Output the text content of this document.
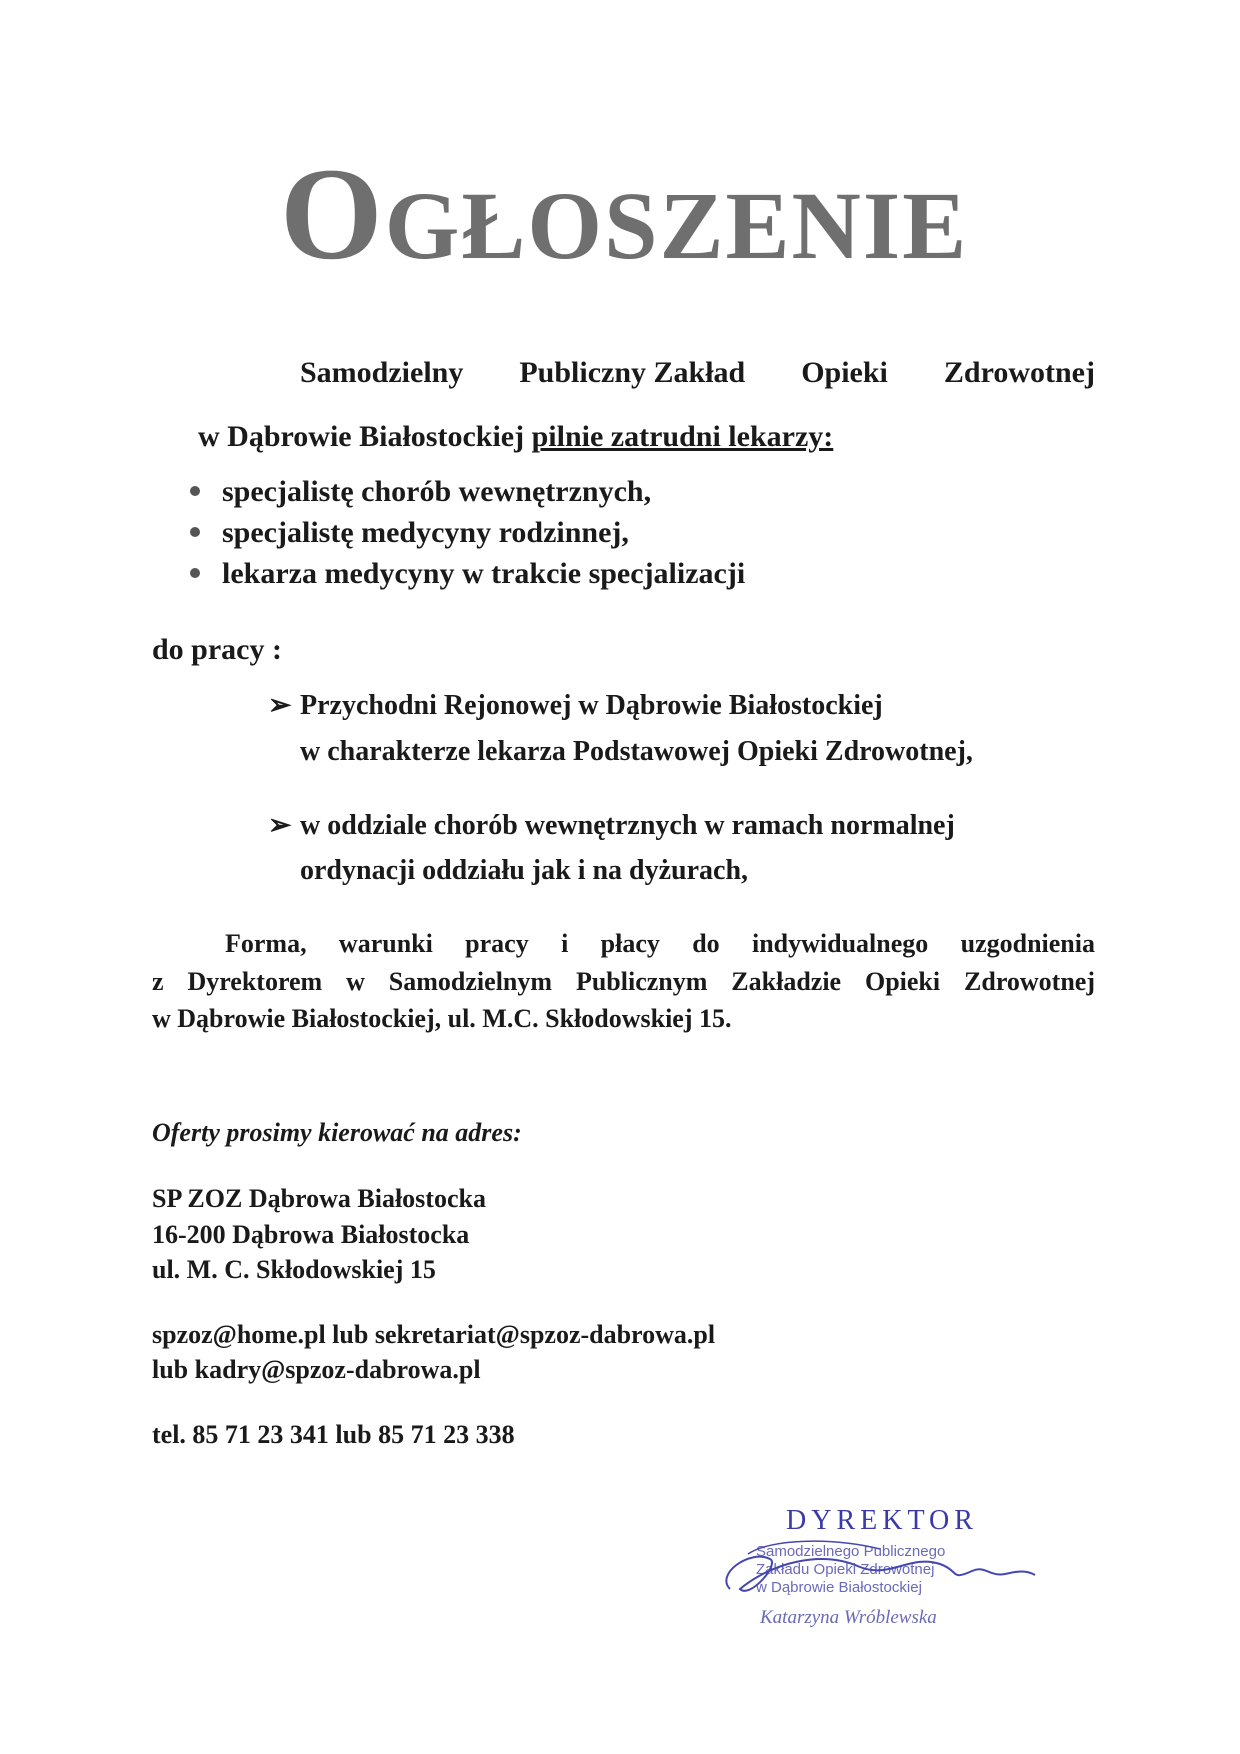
OGŁOSZENIE
Samodzielny Publiczny Zakład Opieki Zdrowotnej
w Dąbrowie Białostockiej pilnie zatrudni lekarzy:
specjalistę chorób wewnętrznych,
specjalistę medycyny rodzinnej,
lekarza medycyny w trakcie specjalizacji
do pracy :
➢ Przychodni Rejonowej w Dąbrowie Białostockiej
w charakterze lekarza Podstawowej Opieki Zdrowotnej,
➢ w oddziale chorób wewnętrznych w ramach normalnej
ordynacji oddziału jak i na dyżurach,
Forma, warunki pracy i płacy do indywidualnego uzgodnienia
z Dyrektorem w Samodzielnym Publicznym Zakładzie Opieki Zdrowotnej
w Dąbrowie Białostockiej, ul. M.C. Skłodowskiej 15.
Oferty prosimy kierować na adres:
SP ZOZ Dąbrowa Białostocka
16-200 Dąbrowa Białostocka
ul. M. C. Skłodowskiej 15
spzoz@home.pl lub sekretariat@spzoz-dabrowa.pl
lub kadry@spzoz-dabrowa.pl
tel. 85 71 23 341 lub 85 71 23 338
DYREKTOR
Samodzielnego Publicznego
Zakładu Opieki Zdrowotnej
w Dąbrowie Białostockiej
Katarzyna Wróblewska
